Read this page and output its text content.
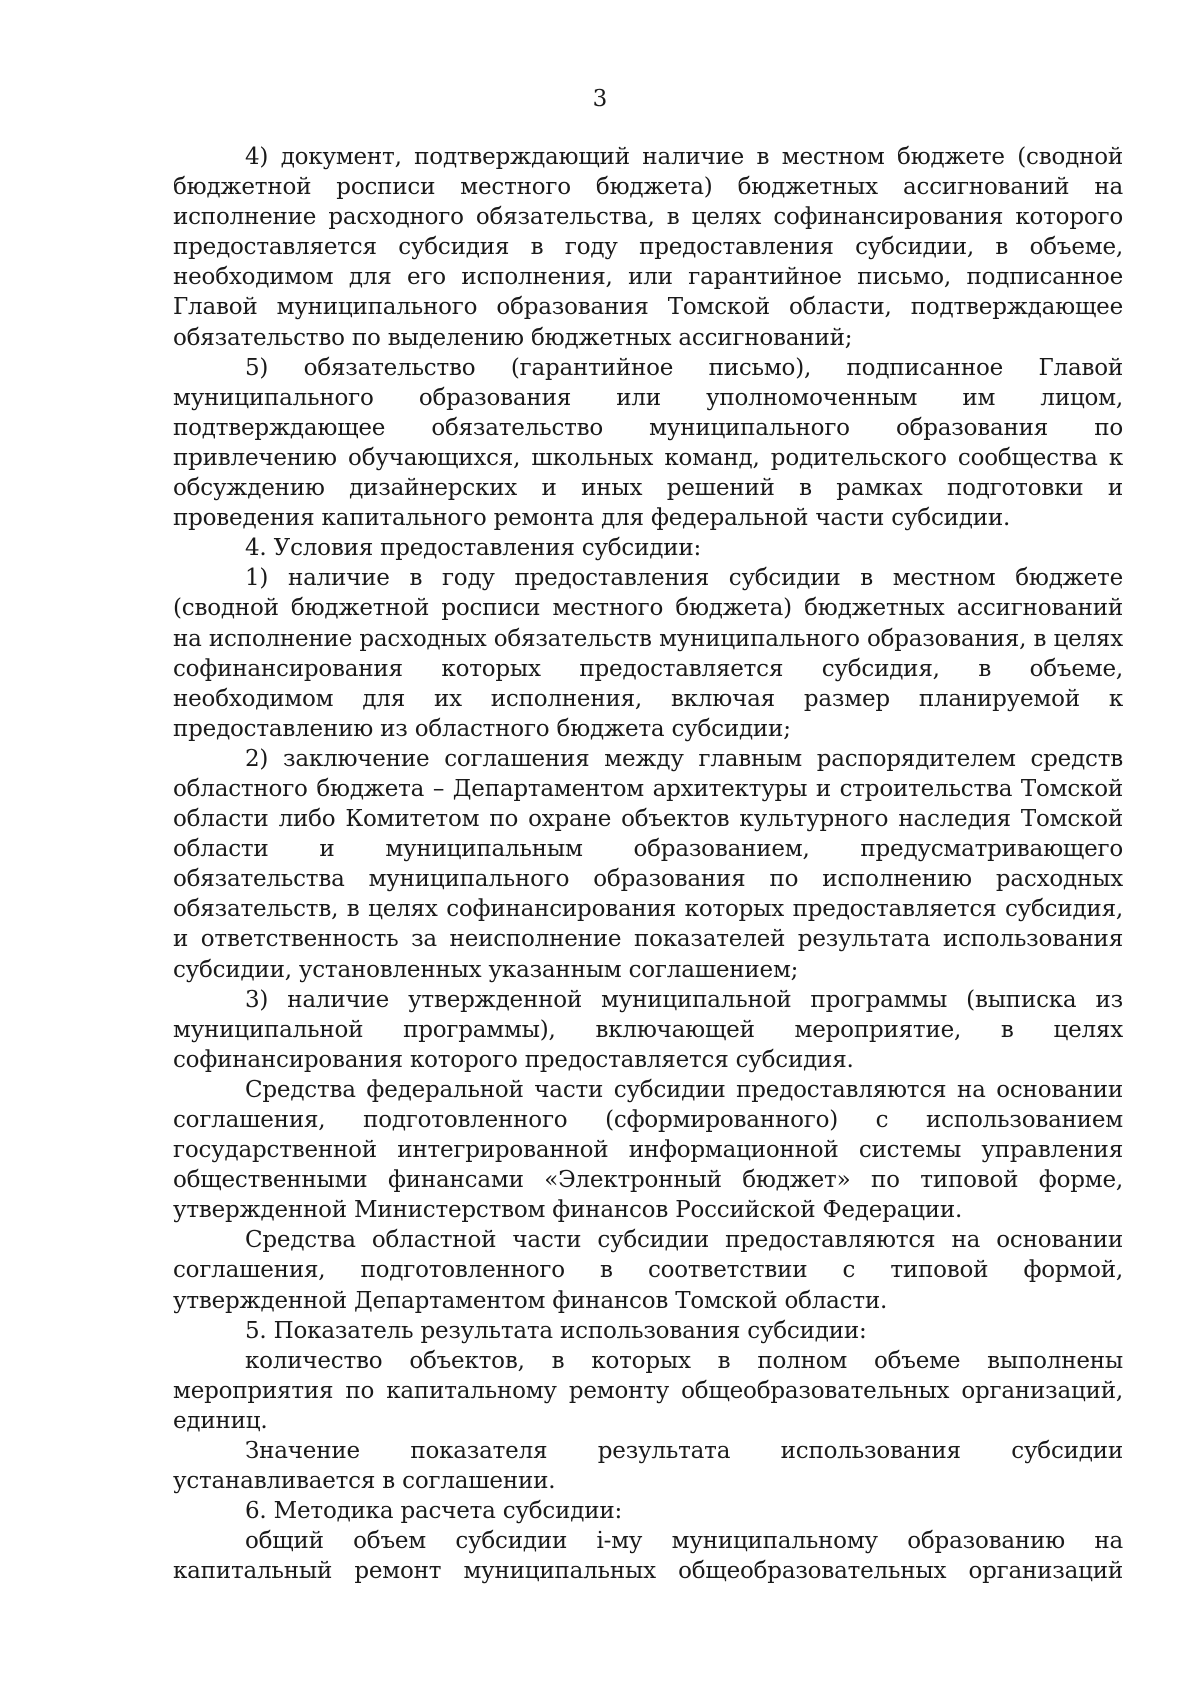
3

4) документ, подтверждающий наличие в местном бюджете (сводной бюджетной росписи местного бюджета) бюджетных ассигнований на исполнение расходного обязательства, в целях софинансирования которого предоставляется субсидия в году предоставления субсидии, в объеме, необходимом для его исполнения, или гарантийное письмо, подписанное Главой муниципального образования Томской области, подтверждающее обязательство по выделению бюджетных ассигнований;

5) обязательство (гарантийное письмо), подписанное Главой муниципального образования или уполномоченным им лицом, подтверждающее обязательство муниципального образования по привлечению обучающихся, школьных команд, родительского сообщества к обсуждению дизайнерских и иных решений в рамках подготовки и проведения капитального ремонта для федеральной части субсидии.

4. Условия предоставления субсидии:

1) наличие в году предоставления субсидии в местном бюджете (сводной бюджетной росписи местного бюджета) бюджетных ассигнований на исполнение расходных обязательств муниципального образования, в целях софинансирования которых предоставляется субсидия, в объеме, необходимом для их исполнения, включая размер планируемой к предоставлению из областного бюджета субсидии;

2) заключение соглашения между главным распорядителем средств областного бюджета – Департаментом архитектуры и строительства Томской области либо Комитетом по охране объектов культурного наследия Томской области и муниципальным образованием, предусматривающего обязательства муниципального образования по исполнению расходных обязательств, в целях софинансирования которых предоставляется субсидия, и ответственность за неисполнение показателей результата использования субсидии, установленных указанным соглашением;

3) наличие утвержденной муниципальной программы (выписка из муниципальной программы), включающей мероприятие, в целях софинансирования которого предоставляется субсидия.

Средства федеральной части субсидии предоставляются на основании соглашения, подготовленного (сформированного) с использованием государственной интегрированной информационной системы управления общественными финансами «Электронный бюджет» по типовой форме, утвержденной Министерством финансов Российской Федерации.

Средства областной части субсидии предоставляются на основании соглашения, подготовленного в соответствии с типовой формой, утвержденной Департаментом финансов Томской области.

5. Показатель результата использования субсидии:

количество объектов, в которых в полном объеме выполнены мероприятия по капитальному ремонту общеобразовательных организаций, единиц.

Значение показателя результата использования субсидии устанавливается в соглашении.

6. Методика расчета субсидии:

общий объем субсидии i-му муниципальному образованию на капитальный ремонт муниципальных общеобразовательных организаций
